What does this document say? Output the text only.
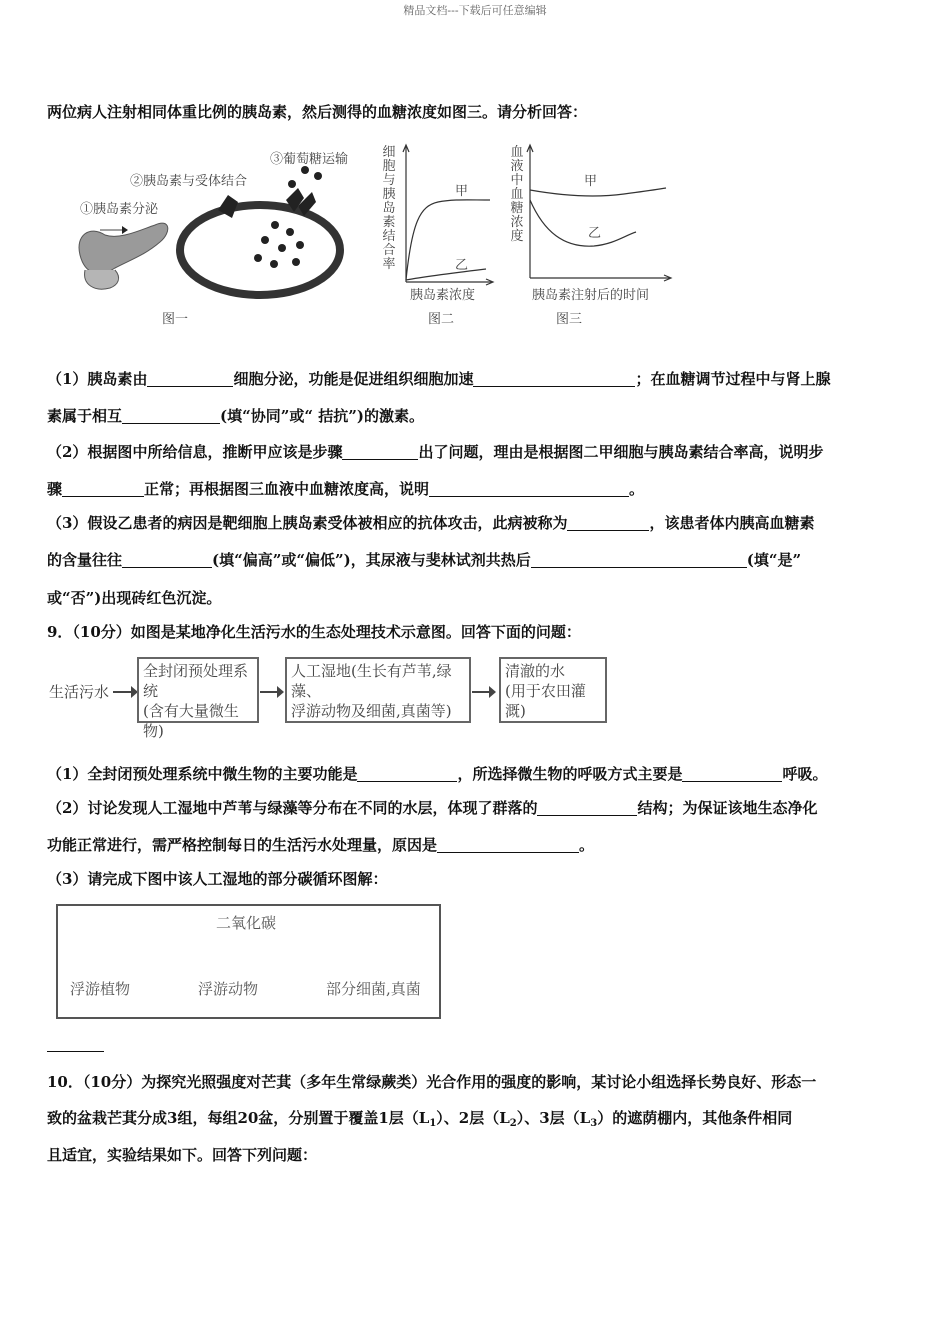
精品文档---下载后可任意编辑
两位病人注射相同体重比例的胰岛素，然后测得的血糖浓度如图三。请分析回答：
①胰岛素分泌
②胰岛素与受体结合
③葡萄糖运输
图一
细胞与胰岛素结合率
甲
乙
胰岛素浓度
图二
血液中血糖浓度
甲
乙
胰岛素注射后的时间
图三
（1）胰岛素由	细胞分泌，功能是促进组织细胞加速	；在血糖调节过程中与肾上腺
素属于相互	(填“协同”或“ 拮抗”)的激素。
（2）根据图中所给信息，推断甲应该是步骤	出了问题，理由是根据图二甲细胞与胰岛素结合率高，说明步
骤	正常；再根据图三血液中血糖浓度高，说明	。
（3）假设乙患者的病因是靶细胞上胰岛素受体被相应的抗体攻击，此病被称为	，该患者体内胰高血糖素
的含量往往	(填“偏高”或“偏低”)，其尿液与斐林试剂共热后	(填“是”
或“否”)出现砖红色沉淀。
9．（10分）如图是某地净化生活污水的生态处理技术示意图。回答下面的问题：
生活污水
全封闭预处理系统
(含有大量微生物)
人工湿地(生长有芦苇,绿藻、
浮游动物及细菌,真菌等)
清澈的水
(用于农田灌溉)
（1）全封闭预处理系统中微生物的主要功能是	，所选择微生物的呼吸方式主要是	呼吸。
（2）讨论发现人工湿地中芦苇与绿藻等分布在不同的水层，体现了群落的	结构；为保证该地生态净化
功能正常进行，需严格控制每日的生活污水处理量，原因是	。
（3）请完成下图中该人工湿地的部分碳循环图解：
二氧化碳
浮游植物	浮游动物	部分细菌,真菌
10．（10分）为探究光照强度对芒萁（多年生常绿蕨类）光合作用的强度的影响，某讨论小组选择长势良好、形态一
致的盆栽芒萁分成3组，每组20盆，分别置于覆盖1层$(L_1)$、2层$(L_2)$、3层$(L_3)$的遮荫棚内，其他条件相同
且适宜，实验结果如下。回答下列问题：
